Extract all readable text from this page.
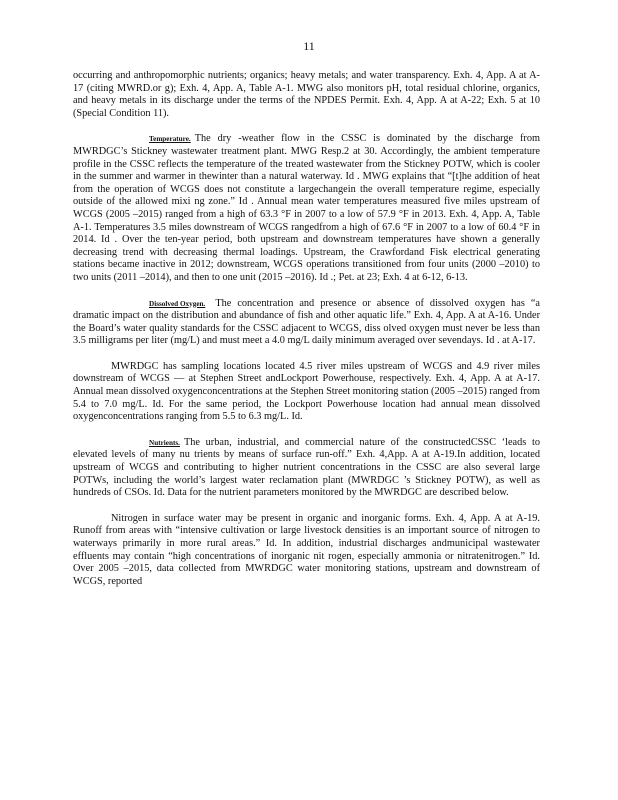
11

occurring and anthropomorphic nutrients; organics; heavy metals; and water transparency. Exh. 4, App. A at A-17 (citing MWRD.or g); Exh. 4, App. A, Table A-1. MWG also monitors pH, total residual chlorine, organics, and heavy metals in its discharge under the terms of the NPDES Permit. Exh. 4, App. A at A-22; Exh. 5 at 10 (Special Condition 11).

Temperature. The dry -weather flow in the CSSC is dominated by the discharge from MWRDGC’s Stickney wastewater treatment plant. MWG Resp.2 at 30. Accordingly, the ambient temperature profile in the CSSC reflects the temperature of the treated wastewater from the Stickney POTW, which is cooler in the summer and warmer in thewinter than a natural waterway. Id . MWG explains that “[t]he addition of heat from the operation of WCGS does not constitute a largechangein the overall temperature regime, especially outside of the allowed mixi ng zone.” Id . Annual mean water temperatures measured five miles upstream of WCGS (2005 –2015) ranged from a high of 63.3 °F in 2007 to a low of 57.9 °F in 2013. Exh. 4, App. A, Table A-1. Temperatures 3.5 miles downstream of WCGS rangedfrom a high of 67.6 °F in 2007 to a low of 60.4 °F in 2014. Id . Over the ten-year period, both upstream and downstream temperatures have shown a generally decreasing trend with decreasing thermal loadings. Upstream, the Crawfordand Fisk electrical generating stations became inactive in 2012; downstream, WCGS operations transitioned from four units (2000 –2010) to two units (2011 –2014), and then to one unit (2015 –2016). Id .; Pet. at 23; Exh. 4 at 6-12, 6-13.

Dissolved Oxygen. The concentration and presence or absence of dissolved oxygen has “a dramatic impact on the distribution and abundance of fish and other aquatic life.” Exh. 4, App. A at A-16. Under the Board’s water quality standards for the CSSC adjacent to WCGS, diss olved oxygen must never be less than 3.5 milligrams per liter (mg/L) and must meet a 4.0 mg/L daily minimum averaged over sevendays. Id . at A-17.

MWRDGC has sampling locations located 4.5 river miles upstream of WCGS and 4.9 river miles downstream of WCGS — at Stephen Street andLockport Powerhouse, respectively. Exh. 4, App. A at A-17. Annual mean dissolved oxygenconcentrations at the Stephen Street monitoring station (2005 –2015) ranged from 5.4 to 7.0 mg/L. Id. For the same period, the Lockport Powerhouse location had annual mean dissolved oxygenconcentrations ranging from 5.5 to 6.3 mg/L. Id.

Nutrients. The urban, industrial, and commercial nature of the constructedCSSC ‘leads to elevated levels of many nu trients by means of surface run-off.” Exh. 4,App. A at A-19.In addition, located upstream of WCGS and contributing to higher nutrient concentrations in the CSSC are also several large POTWs, including the world’s largest water reclamation plant (MWRDGC ’s Stickney POTW), as well as hundreds of CSOs. Id. Data for the nutrient parameters monitored by the MWRDGC are described below.

Nitrogen in surface water may be present in organic and inorganic forms. Exh. 4, App. A at A-19. Runoff from areas with “intensive cultivation or large livestock densities is an important source of nitrogen to waterways primarily in more rural areas.” Id. In addition, industrial discharges andmunicipal wastewater effluents may contain “high concentrations of inorganic nit rogen, especially ammonia or nitratenitrogen.” Id. Over 2005 –2015, data collected from MWRDGC water monitoring stations, upstream and downstream of WCGS, reported
